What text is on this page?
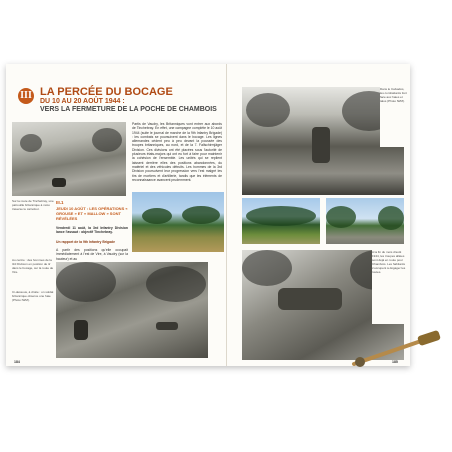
III LA PERCÉE DU BOCAGE
DU 10 AU 20 AOÛT 1944 :
VERS LA FERMETURE DE LA POCHE DE CHAMBOIS
Sur la route de Tinchebray, une patrouille britannique à moto traverse le carrefour.
Partis de Vaudry, les Britanniques vont entrer aux abords de Tinchebray. En effet, une campagne complète le 10 août 1944 (suite le journal de marche de la 9th Infantry Brigade) : les combats se poursuivent dans le bocage. Les lignes allemandes cèdent peu à peu devant la poussée des troupes britanniques, au nord, et de la 7. Fallschirmjäger Division. Ces divisions ont été placées sous l'autorité de plusieurs états-majors qui ont eu fort à faire pour maintenir la cohésion de l'ensemble. Les unités qui se replient laissent derrière elles des positions abandonnées, du matériel et des véhicules détruits. Les hommes de la 3rd Division poursuivent leur progression vers l'est malgré les tirs de mortiers et d'artillerie, tandis que les éléments de reconnaissance avancent prudemment.
III.1
JEUDI 10 AOÛT : LES OPÉRATIONS « GROUSE » ET « MALLOW » SONT RÉVÉLÉES
Vendredi 11 août, la 3rd Infantry Division lance l'assaut : objectif Tinchebray.
Un rapport de la 9th Infantry Brigade
A partir des positions qu'elle occupait immédiatement à l'est de Vire, à Vaudry (sur la hauteur) et au
Au centre : des hommes de la 3rd Division en position de tir dans le bocage, sur la route de Vire.
Ci-dessous, à droite : un soldat britannique observe une haie (Photo IWM).
184
Dans le Calvados, les combattants font face aux haies et talus (Photo IWM).
A la fin du mois d'août 1944, les troupes alliées sont déjà en route pour Chambois. Les habitants s'occupent à dégager les routes.
185
